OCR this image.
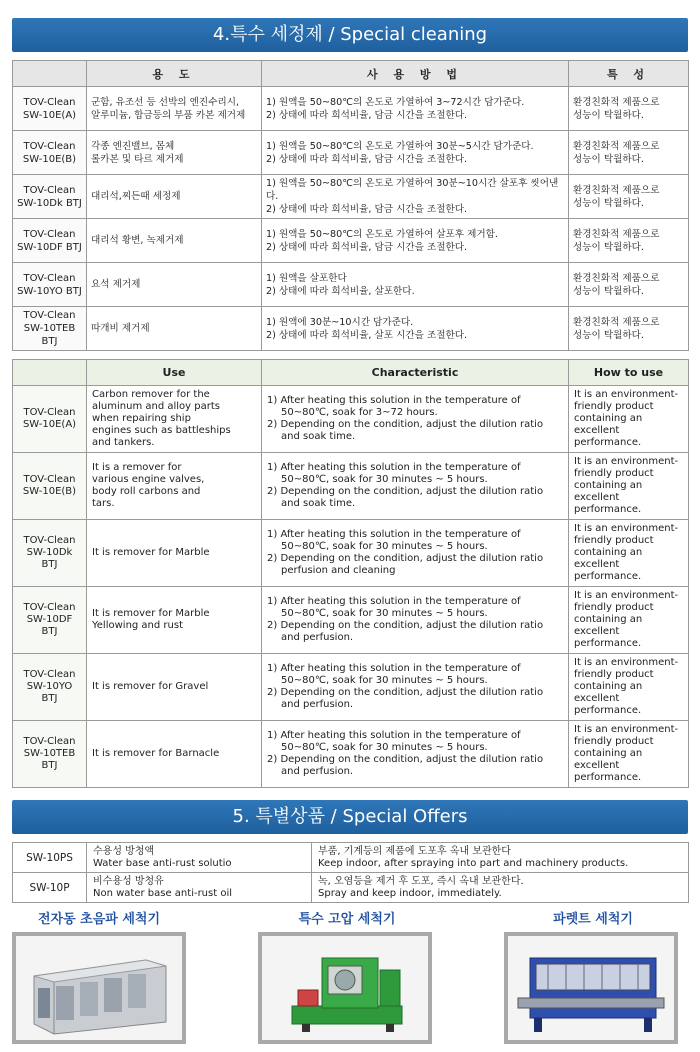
4.특수 세정제 / Special cleaning
	용 도	사 용 방 법	특 성

TOV-Clean
SW-10E(A)	군함, 유조선 등 선박의 엔진수리시,
알루미늄, 합금등의 부품 카본 제거제	1) 원액을 50~80℃의 온도로 가열하여 3~72시간 담가준다.
2) 상태에 따라 희석비율, 담금 시간을 조절한다.	환경친화적 제품으로
성능이 탁월하다.

TOV-Clean
SW-10E(B)	각종 엔진밸브, 몸체
롤카본 및 타르 제거제	1) 원액을 50~80℃의 온도로 가열하여 30분~5시간 담가준다.
2) 상태에 따라 희석비율, 담금 시간을 조절한다.	환경친화적 제품으로
성능이 탁월하다.

TOV-Clean
SW-10Dk BTJ	대리석,찌든때 세정제	1) 원액을 50~80℃의 온도로 가열하여 30분~10시간 살포후 씻어낸다.
2) 상태에 따라 희석비율, 담금 시간을 조절한다.	환경친화적 제품으로
성능이 탁월하다.

TOV-Clean
SW-10DF BTJ	대리석 황변, 녹제거제	1) 원액을 50~80℃의 온도로 가열하여 살포후 제거함.
2) 상태에 따라 희석비율, 담금 시간을 조절한다.	환경친화적 제품으로
성능이 탁월하다.

TOV-Clean
SW-10YO BTJ	요석 제거제	1) 원액을 살포한다
2) 상태에 따라 희석비율, 살포한다.	환경친화적 제품으로
성능이 탁월하다.

TOV-Clean
SW-10TEB BTJ	따개비 제거제	1) 원액에 30분~10시간 담가준다.
2) 상태에 따라 희석비율, 살포 시간을 조절한다.	환경친화적 제품으로
성능이 탁월하다.
	Use	Characteristic	How to use

TOV-Clean
SW-10E(A)	Carbon remover for the
aluminum and alloy parts
when repairing ship
engines such as battleships
and tankers.	1) After heating this solution in the temperature of
50~80℃, soak for 3~72 hours.
2) Depending on the condition, adjust the dilution ratio
and soak time.	It is an environment-
friendly product
containing an excellent
performance.

TOV-Clean
SW-10E(B)	It is a remover for
various engine valves,
body roll carbons and
tars.	1) After heating this solution in the temperature of
50~80℃, soak for 30 minutes ~ 5 hours.
2) Depending on the condition, adjust the dilution ratio
and soak time.	It is an environment-
friendly product
containing an excellent
performance.

TOV-Clean
SW-10Dk BTJ	It is remover for Marble	1) After heating this solution in the temperature of
50~80℃, soak for 30 minutes ~ 5 hours.
2) Depending on the condition, adjust the dilution ratio
perfusion and cleaning	It is an environment-
friendly product
containing an excellent
performance.

TOV-Clean
SW-10DF BTJ	It is remover for Marble
Yellowing and rust	1) After heating this solution in the temperature of
50~80℃, soak for 30 minutes ~ 5 hours.
2) Depending on the condition, adjust the dilution ratio
and perfusion.	It is an environment-
friendly product
containing an excellent
performance.

TOV-Clean
SW-10YO BTJ	It is remover for Gravel	1) After heating this solution in the temperature of
50~80℃, soak for 30 minutes ~ 5 hours.
2) Depending on the condition, adjust the dilution ratio
and perfusion.	It is an environment-
friendly product
containing an excellent
performance.

TOV-Clean
SW-10TEB BTJ	It is remover for Barnacle	1) After heating this solution in the temperature of
50~80℃, soak for 30 minutes ~ 5 hours.
2) Depending on the condition, adjust the dilution ratio
and perfusion.	It is an environment-
friendly product
containing an excellent
performance.
5. 특별상품 / Special Offers
SW-10PS	수용성 방청액
Water base anti-rust solutio	부품, 기계등의 제품에 도포후 옥내 보관한다
Keep indoor, after spraying into part and machinery products.

SW-10P	비수용성 방청유
Non water base anti-rust oil	녹, 오염등을 제거 후 도포, 즉시 옥내 보관한다.
Spray and keep indoor, immediately.
전자동 초음파 세척기	특수 고압 세척기	파렛트 세척기
